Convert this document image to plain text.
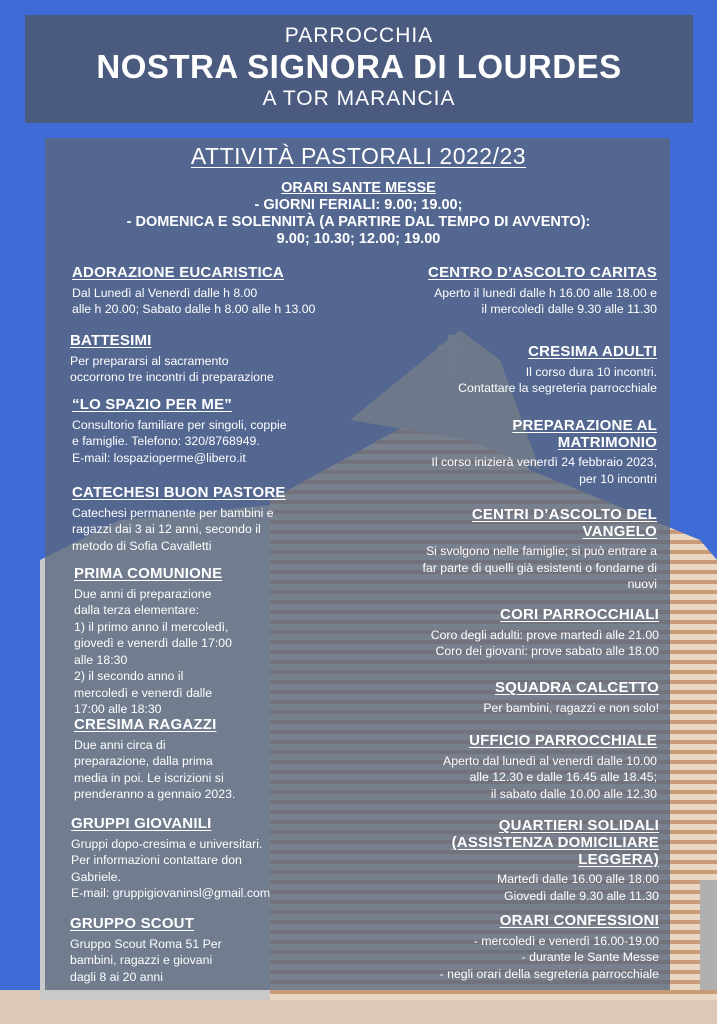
PARROCCHIA
NOSTRA SIGNORA DI LOURDES
A TOR MARANCIA
ATTIVITÀ PASTORALI 2022/23
ORARI SANTE MESSE
- GIORNI FERIALI: 9.00; 19.00;
- DOMENICA E SOLENNITÀ (A PARTIRE DAL TEMPO DI AVVENTO):
9.00; 10.30; 12.00; 19.00
ADORAZIONE EUCARISTICA

Dal Lunedì al Venerdì dalle h 8.00
alle h 20.00; Sabato dalle h 8.00 alle h 13.00

BATTESIMI

Per prepararsi al sacramento
occorrono tre incontri di preparazione

“LO SPAZIO PER ME”

Consultorio familiare per singoli, coppie
e famiglie. Telefono: 320/8768949.
E-mail: lospazioperme@libero.it

CATECHESI BUON PASTORE

Catechesi permanente per bambini e
ragazzi dai 3 ai 12 anni, secondo il
metodo di Sofia Cavalletti

PRIMA COMUNIONE

Due anni di preparazione
dalla terza elementare:
1) il primo anno il mercoledì,
giovedì e venerdì dalle 17:00
alle 18:30
2) il secondo anno il
mercoledì e venerdì dalle
17:00 alle 18:30

CRESIMA RAGAZZI

Due anni circa di
preparazione, dalla prima
media in poi. Le iscrizioni si
prenderanno a gennaio 2023.

GRUPPI GIOVANILI

Gruppi dopo-cresima e universitari.
Per informazioni contattare don
Gabriele.
E-mail: gruppigiovaninsl@gmail.com

GRUPPO SCOUT

Gruppo Scout Roma 51 Per
bambini, ragazzi e giovani
dagli 8 ai 20 anni

CENTRO D’ASCOLTO CARITAS

Aperto il lunedì dalle h 16.00 alle 18.00 e
il mercoledì dalle 9.30 alle 11.30

CRESIMA ADULTI

Il corso dura 10 incontri.
Contattare la segreteria parrocchiale

PREPARAZIONE AL
MATRIMONIO

Il corso inizierà venerdì 24 febbraio 2023,
per 10 incontri

CENTRI D’ASCOLTO DEL
VANGELO

Si svolgono nelle famiglie; si può entrare a
far parte di quelli già esistenti o fondarne di
nuovi

CORI PARROCCHIALI

Coro degli adulti: prove martedì alle 21.00
Coro dei giovani: prove sabato alle 18.00

SQUADRA CALCETTO

Per bambini, ragazzi e non solo!

UFFICIO PARROCCHIALE

Aperto dal lunedì al venerdì dalle 10.00
alle 12.30 e dalle 16.45 alle 18.45;
il sabato dalle 10.00 alle 12.30

QUARTIERI SOLIDALI
(ASSISTENZA DOMICILIARE
LEGGERA)

Martedì dalle 16.00 alle 18.00
Giovedì dalle 9.30 alle 11.30

ORARI CONFESSIONI

- mercoledì e venerdì 16.00-19.00
- durante le Sante Messe
- negli orari della segreteria parrocchiale
